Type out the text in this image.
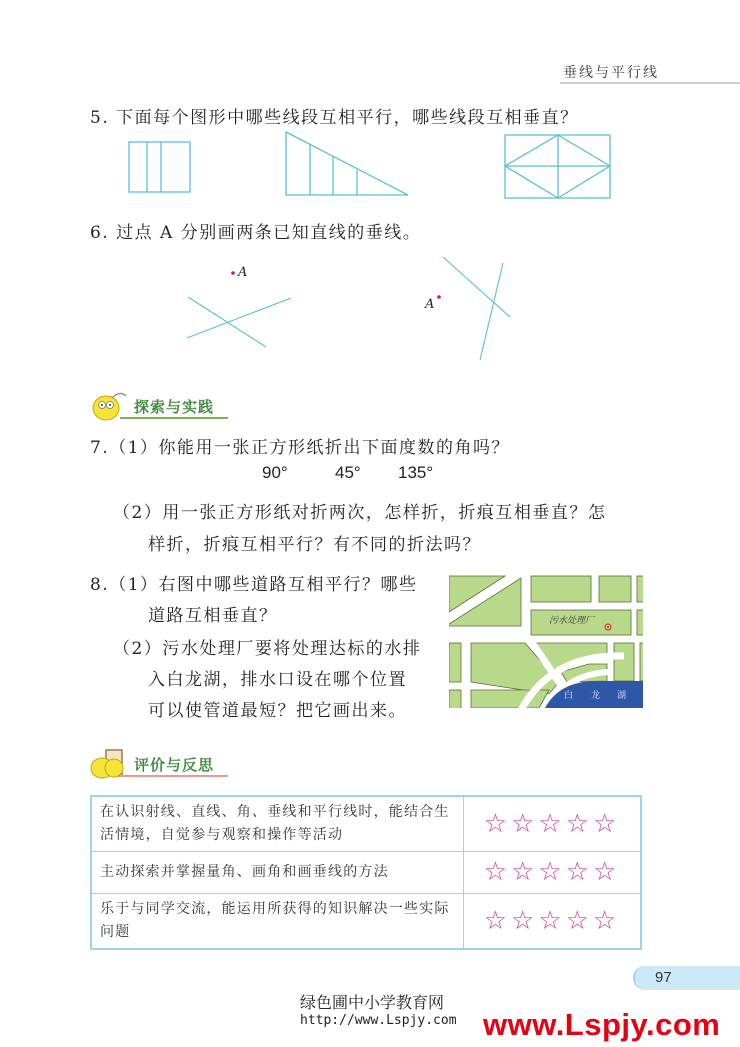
垂线与平行线
5. 下面每个图形中哪些线段互相平行，哪些线段互相垂直？
6. 过点 A 分别画两条已知直线的垂线。
A
A
探索与实践
7.（1）你能用一张正方形纸折出下面度数的角吗？
90°	45° 135°
（2）用一张正方形纸对折两次，怎样折，折痕互相垂直？怎
样折，折痕互相平行？有不同的折法吗？
8.（1）右图中哪些道路互相平行？哪些
道路互相垂直？
（2）污水处理厂要将处理达标的水排
入白龙湖，排水口设在哪个位置
可以使管道最短？把它画出来。
污水处理厂
白 龙 湖
评价与反思
在认识射线、直线、角、垂线和平行线时，能结合生活情境，自觉参与观察和操作等活动	☆☆☆☆☆
主动探索并掌握量角、画角和画垂线的方法	☆☆☆☆☆
乐于与同学交流，能运用所获得的知识解决一些实际问题	☆☆☆☆☆
97
绿色圃中小学教育网
http://www.Lspjy.com www.Lspjy.com
